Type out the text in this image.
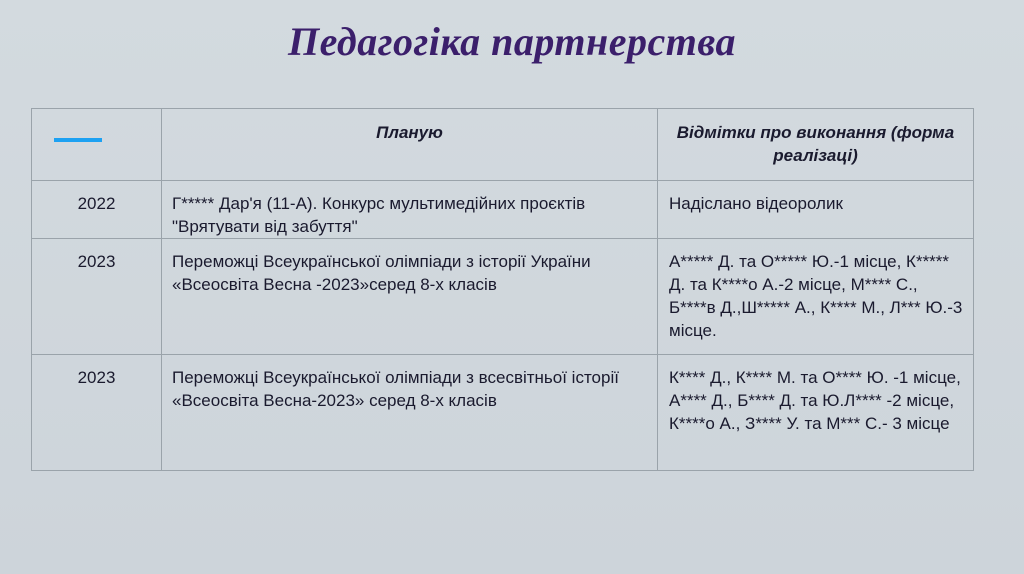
Педагогіка партнерства
	Планую	Відмітки про виконання (форма реалізаці)
2022	Г***** Дар'я (11-А). Конкурс мультимедійних проєктів "Врятувати від забуття"	Надіслано відеоролик
2023	Переможці Всеукраїнської олімпіади з історії України «Всеосвіта Весна -2023»серед 8-х класів	А***** Д. та О***** Ю.-1 місце, К***** Д. та К****о А.-2 місце, М**** С., Б****в Д.,Ш***** А., К**** М., Л*** Ю.-3 місце.
2023	Переможці Всеукраїнської олімпіади з всесвітньої історії «Всеосвіта Весна-2023» серед 8-х класів	К**** Д., К**** М. та О**** Ю. -1 місце, А**** Д., Б**** Д. та Ю.Л**** -2 місце, К****о А., З**** У. та М*** С.- 3 місце
